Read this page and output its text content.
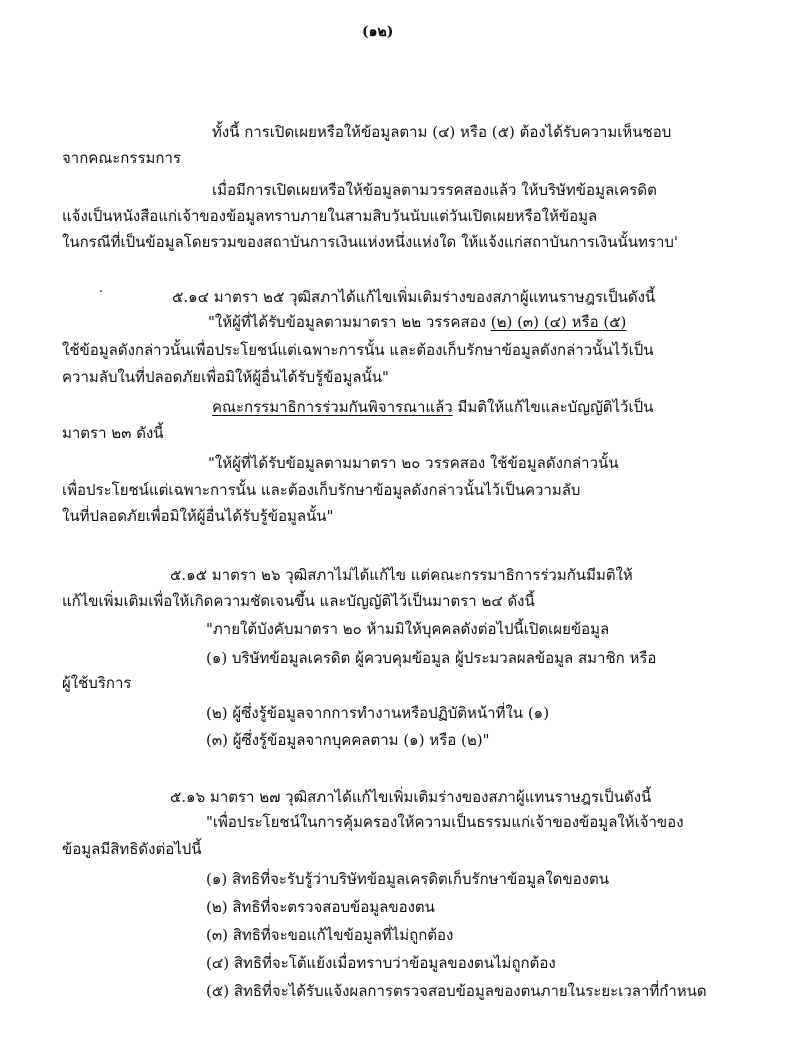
(๑๒)
ทั้งนี้ การเปิดเผยหรือให้ข้อมูลตาม (๔) หรือ (๕) ต้องได้รับความเห็นชอบ
จากคณะกรรมการ
เมื่อมีการเปิดเผยหรือให้ข้อมูลตามวรรคสองแล้ว ให้บริษัทข้อมูลเครดิต
แจ้งเป็นหนังสือแก่เจ้าของข้อมูลทราบภายในสามสิบวันนับแต่วันเปิดเผยหรือให้ข้อมูล
ในกรณีที่เป็นข้อมูลโดยรวมของสถาบันการเงินแห่งหนึ่งแห่งใด ให้แจ้งแก่สถาบันการเงินนั้นทราบ'
๕.๑๔ มาตรา ๒๕ วุฒิสภาได้แก้ไขเพิ่มเติมร่างของสภาผู้แทนราษฎรเป็นดังนี้
"ให้ผู้ที่ได้รับข้อมูลตามมาตรา ๒๒ วรรคสอง (๒) (๓) (๔) หรือ (๕)
ใช้ข้อมูลดังกล่าวนั้นเพื่อประโยชน์แต่เฉพาะการนั้น และต้องเก็บรักษาข้อมูลดังกล่าวนั้นไว้เป็น
ความลับในที่ปลอดภัยเพื่อมิให้ผู้อื่นได้รับรู้ข้อมูลนั้น"
คณะกรรมาธิการร่วมกันพิจารณาแล้ว มีมติให้แก้ไขและบัญญัติไว้เป็น
มาตรา ๒๓ ดังนี้
"ให้ผู้ที่ได้รับข้อมูลตามมาตรา ๒๐ วรรคสอง ใช้ข้อมูลดังกล่าวนั้น
เพื่อประโยชน์แต่เฉพาะการนั้น และต้องเก็บรักษาข้อมูลดังกล่าวนั้นไว้เป็นความลับ
ในที่ปลอดภัยเพื่อมิให้ผู้อื่นได้รับรู้ข้อมูลนั้น"
๕.๑๕ มาตรา ๒๖ วุฒิสภาไม่ได้แก้ไข แต่คณะกรรมาธิการร่วมกันมีมติให้
แก้ไขเพิ่มเติมเพื่อให้เกิดความชัดเจนขึ้น และบัญญัติไว้เป็นมาตรา ๒๔ ดังนี้
"ภายใต้บังคับมาตรา ๒๐ ห้ามมิให้บุคคลดังต่อไปนี้เปิดเผยข้อมูล
(๑) บริษัทข้อมูลเครดิต ผู้ควบคุมข้อมูล ผู้ประมวลผลข้อมูล สมาชิก หรือ
ผู้ใช้บริการ
(๒) ผู้ซึ่งรู้ข้อมูลจากการทำงานหรือปฏิบัติหน้าที่ใน (๑)
(๓) ผู้ซึ่งรู้ข้อมูลจากบุคคลตาม (๑) หรือ (๒)"
๕.๑๖ มาตรา ๒๗ วุฒิสภาได้แก้ไขเพิ่มเติมร่างของสภาผู้แทนราษฎรเป็นดังนี้
"เพื่อประโยชน์ในการคุ้มครองให้ความเป็นธรรมแก่เจ้าของข้อมูลให้เจ้าของ
ข้อมูลมีสิทธิดังต่อไปนี้
(๑) สิทธิที่จะรับรู้ว่าบริษัทข้อมูลเครดิตเก็บรักษาข้อมูลใดของตน
(๒) สิทธิที่จะตรวจสอบข้อมูลของตน
(๓) สิทธิที่จะขอแก้ไขข้อมูลที่ไม่ถูกต้อง
(๔) สิทธิที่จะโต้แย้งเมื่อทราบว่าข้อมูลของตนไม่ถูกต้อง
(๕) สิทธิที่จะได้รับแจ้งผลการตรวจสอบข้อมูลของตนภายในระยะเวลาที่กำหนด
